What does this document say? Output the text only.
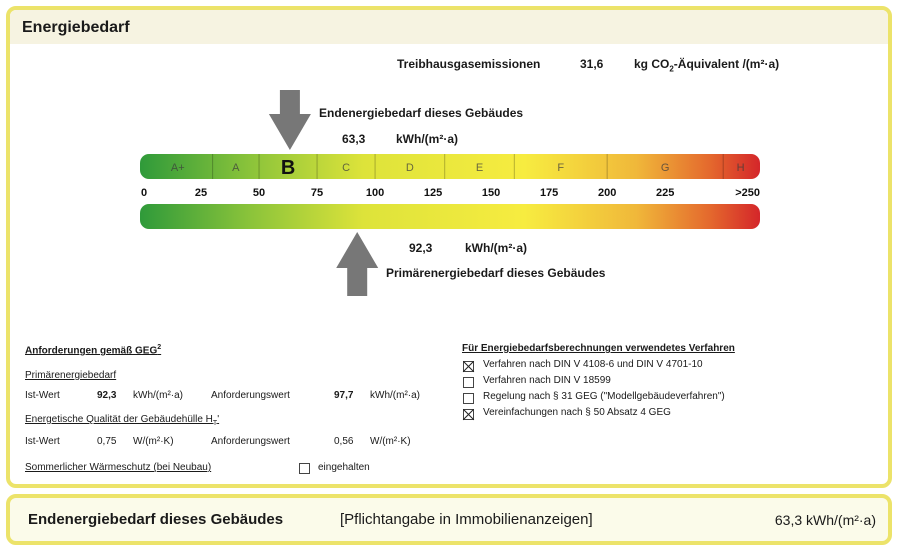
Energiebedarf
Treibhausgasemissionen	31,6	kg $CO_2$-Äquivalent /(m²·a)
Endenergiebedarf dieses Gebäudes
63,3	kWh/(m²·a)
A+	A B	C	D	E	F	G	H
0	25	50	75	100	125	150	175	200	225	>250
92,3	kWh/(m²·a)
Primärenergiebedarf dieses Gebäudes
Anforderungen gemäß GEG$^2$
Primärenergiebedarf
Ist-Wert	92,3 kWh/(m²·a)	Anforderungswert	97,7 kWh/(m²·a)
Energetische Qualität der Gebäudehülle $H_T'$
Ist-Wert	0,75 W/(m²·K)	Anforderungswert	0,56 W/(m²·K)
Sommerlicher Wärmeschutz (bei Neubau)	eingehalten
Für Energiebedarfsberechnungen verwendetes Verfahren
Verfahren nach DIN V 4108-6 und DIN V 4701-10
Verfahren nach DIN V 18599
Regelung nach § 31 GEG ("Modellgebäudeverfahren")
Vereinfachungen nach § 50 Absatz 4 GEG
Endenergiebedarf dieses Gebäudes	[Pflichtangabe in Immobilienanzeigen]	63,3 kWh/(m²·a)
